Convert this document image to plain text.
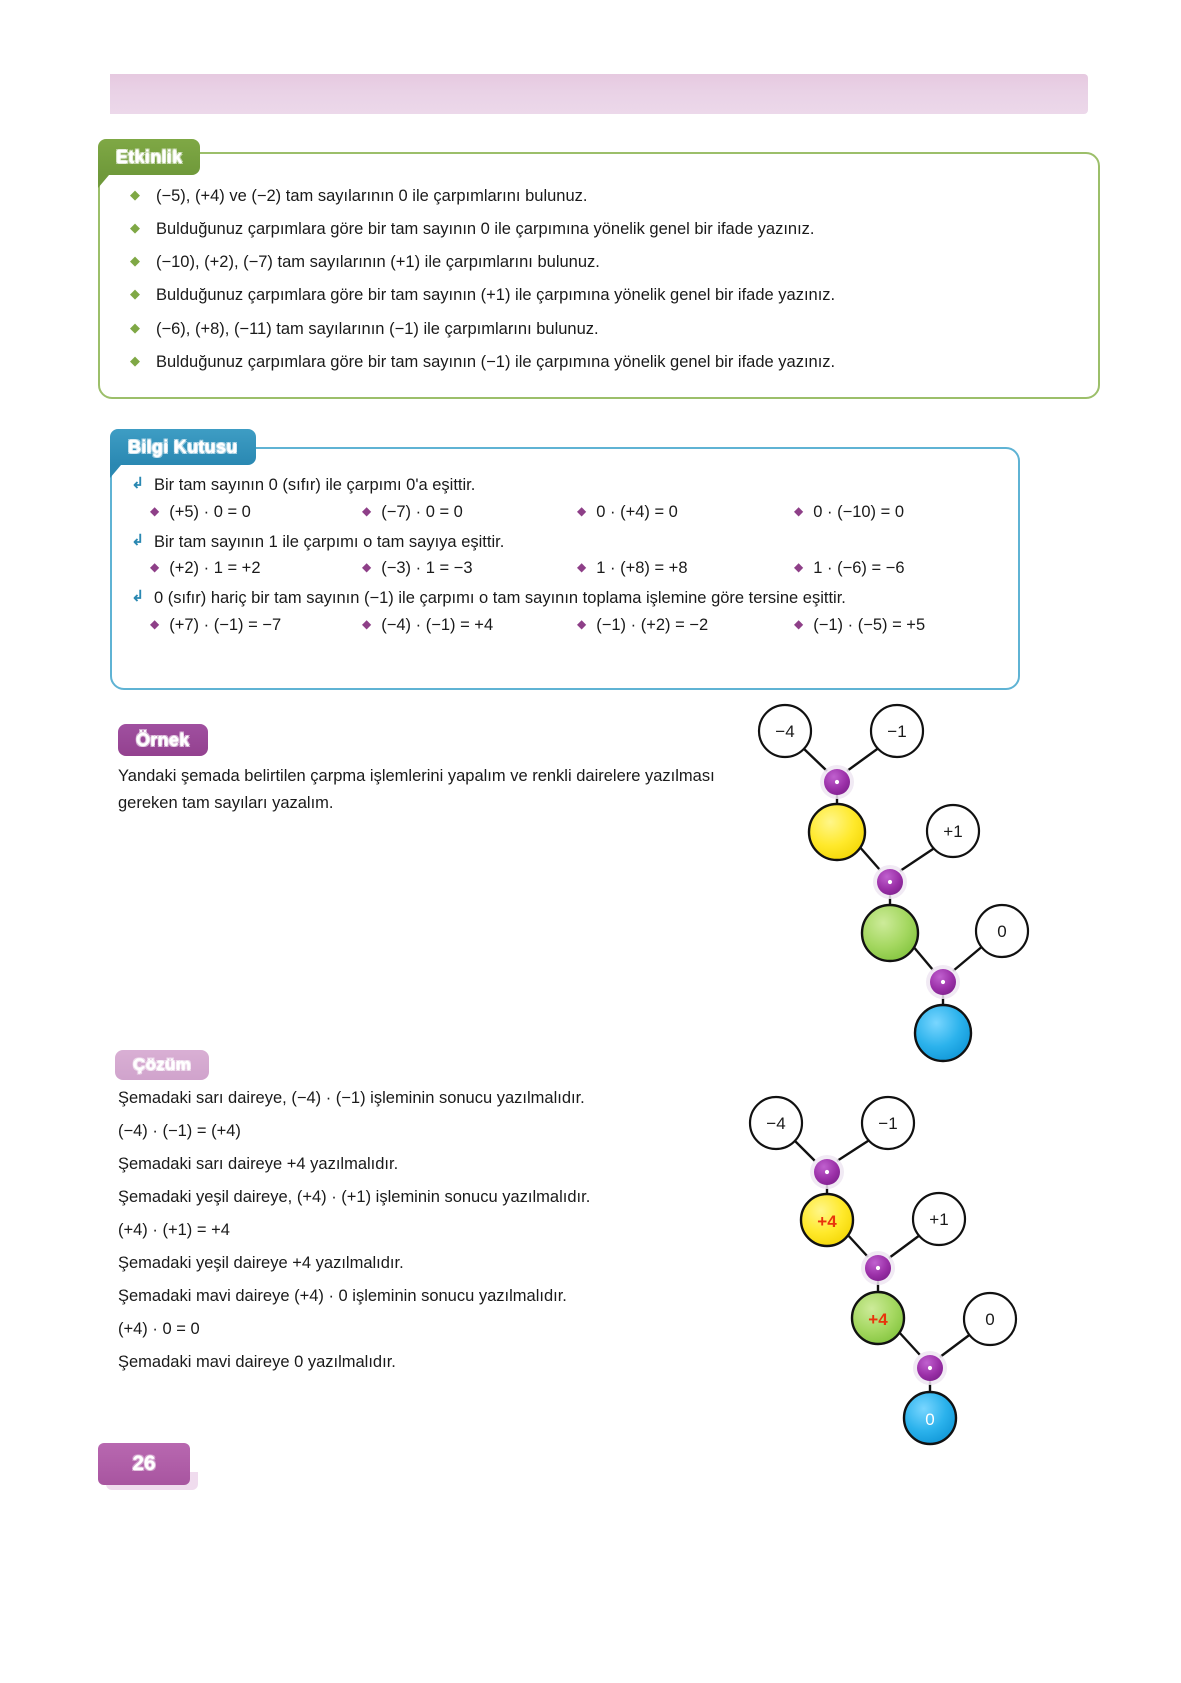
Etkinlik
◆ (−5), (+4) ve (−2) tam sayılarının 0 ile çarpımlarını bulunuz.
◆ Bulduğunuz çarpımlara göre bir tam sayının 0 ile çarpımına yönelik genel bir ifade yazınız.
◆ (−10), (+2), (−7) tam sayılarının (+1) ile çarpımlarını bulunuz.
◆ Bulduğunuz çarpımlara göre bir tam sayının (+1) ile çarpımına yönelik genel bir ifade yazınız.
◆ (−6), (+8), (−11) tam sayılarının (−1) ile çarpımlarını bulunuz.
◆ Bulduğunuz çarpımlara göre bir tam sayının (−1) ile çarpımına yönelik genel bir ifade yazınız.
Bilgi Kutusu
↳ Bir tam sayının 0 (sıfır) ile çarpımı 0'a eşittir.
◆ (+5) · 0 = 0	◆ (−7) · 0 = 0	◆ 0 · (+4) = 0	◆ 0 · (−10) = 0
↳ Bir tam sayının 1 ile çarpımı o tam sayıya eşittir.
◆ (+2) · 1 = +2	◆ (−3) · 1 = −3	◆ 1 · (+8) = +8	◆ 1 · (−6) = −6
↳ 0 (sıfır) hariç bir tam sayının (−1) ile çarpımı o tam sayının toplama işlemine göre tersine eşittir.
◆ (+7) · (−1) = −7	◆ (−4) · (−1) = +4	◆ (−1) · (+2) = −2	◆ (−1) · (−5) = +5
Örnek
Yandaki şemada belirtilen çarpma işlemlerini yapalım ve renkli dairelere yazılması gereken tam sayıları yazalım.
Çözüm

Şemadaki sarı daireye, (−4) · (−1) işleminin sonucu yazılmalıdır.

(−4) · (−1) = (+4)

Şemadaki sarı daireye +4 yazılmalıdır.

Şemadaki yeşil daireye, (+4) · (+1) işleminin sonucu yazılmalıdır.

(+4) · (+1) = +4

Şemadaki yeşil daireye +4 yazılmalıdır.

Şemadaki mavi daireye (+4) · 0 işleminin sonucu yazılmalıdır.

(+4) · 0 = 0

Şemadaki mavi daireye 0 yazılmalıdır.

−4	−1
+1
0
−4	−1
+1
0
+4
+4
0
26
